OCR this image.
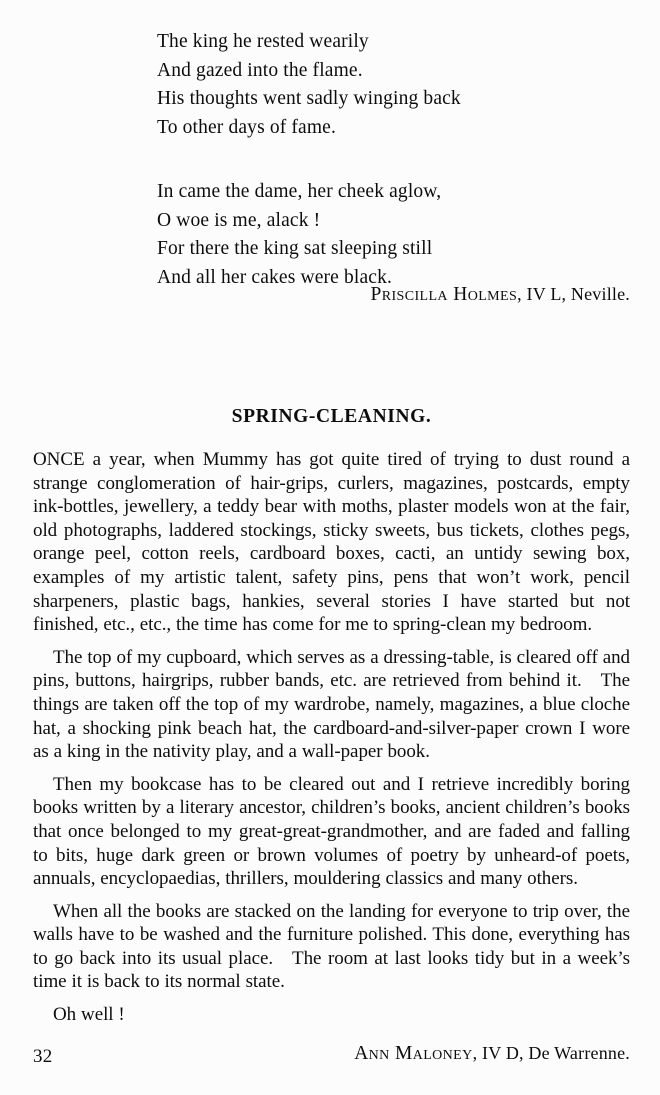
The king he rested wearily
And gazed into the flame.
His thoughts went sadly winging back
To other days of fame.
In came the dame, her cheek aglow,
O woe is me, alack !
For there the king sat sleeping still
And all her cakes were black.
Priscilla Holmes, IV L, Neville.
SPRING-CLEANING.

ONCE a year, when Mummy has got quite tired of trying to dust round a strange conglomeration of hair-grips, curlers, magazines, postcards, empty ink-bottles, jewellery, a teddy bear with moths, plaster models won at the fair, old photographs, laddered stockings, sticky sweets, bus tickets, clothes pegs, orange peel, cotton reels, cardboard boxes, cacti, an untidy sewing box, examples of my artistic talent, safety pins, pens that won’t work, pencil sharpeners, plastic bags, hankies, several stories I have started but not finished, etc., etc., the time has come for me to spring-clean my bedroom.

The top of my cupboard, which serves as a dressing-table, is cleared off and pins, buttons, hairgrips, rubber bands, etc. are retrieved from behind it. The things are taken off the top of my wardrobe, namely, magazines, a blue cloche hat, a shocking pink beach hat, the cardboard-and-silver-paper crown I wore as a king in the nativity play, and a wall-paper book.

Then my bookcase has to be cleared out and I retrieve incredibly boring books written by a literary ancestor, children’s books, ancient children’s books that once belonged to my great-great-grandmother, and are faded and falling to bits, huge dark green or brown volumes of poetry by unheard-of poets, annuals, encyclopaedias, thrillers, mouldering classics and many others.

When all the books are stacked on the landing for everyone to trip over, the walls have to be washed and the furniture polished. This done, everything has to go back into its usual place. The room at last looks tidy but in a week’s time it is back to its normal state.

Oh well !

Ann Maloney, IV D, De Warrenne.
32
